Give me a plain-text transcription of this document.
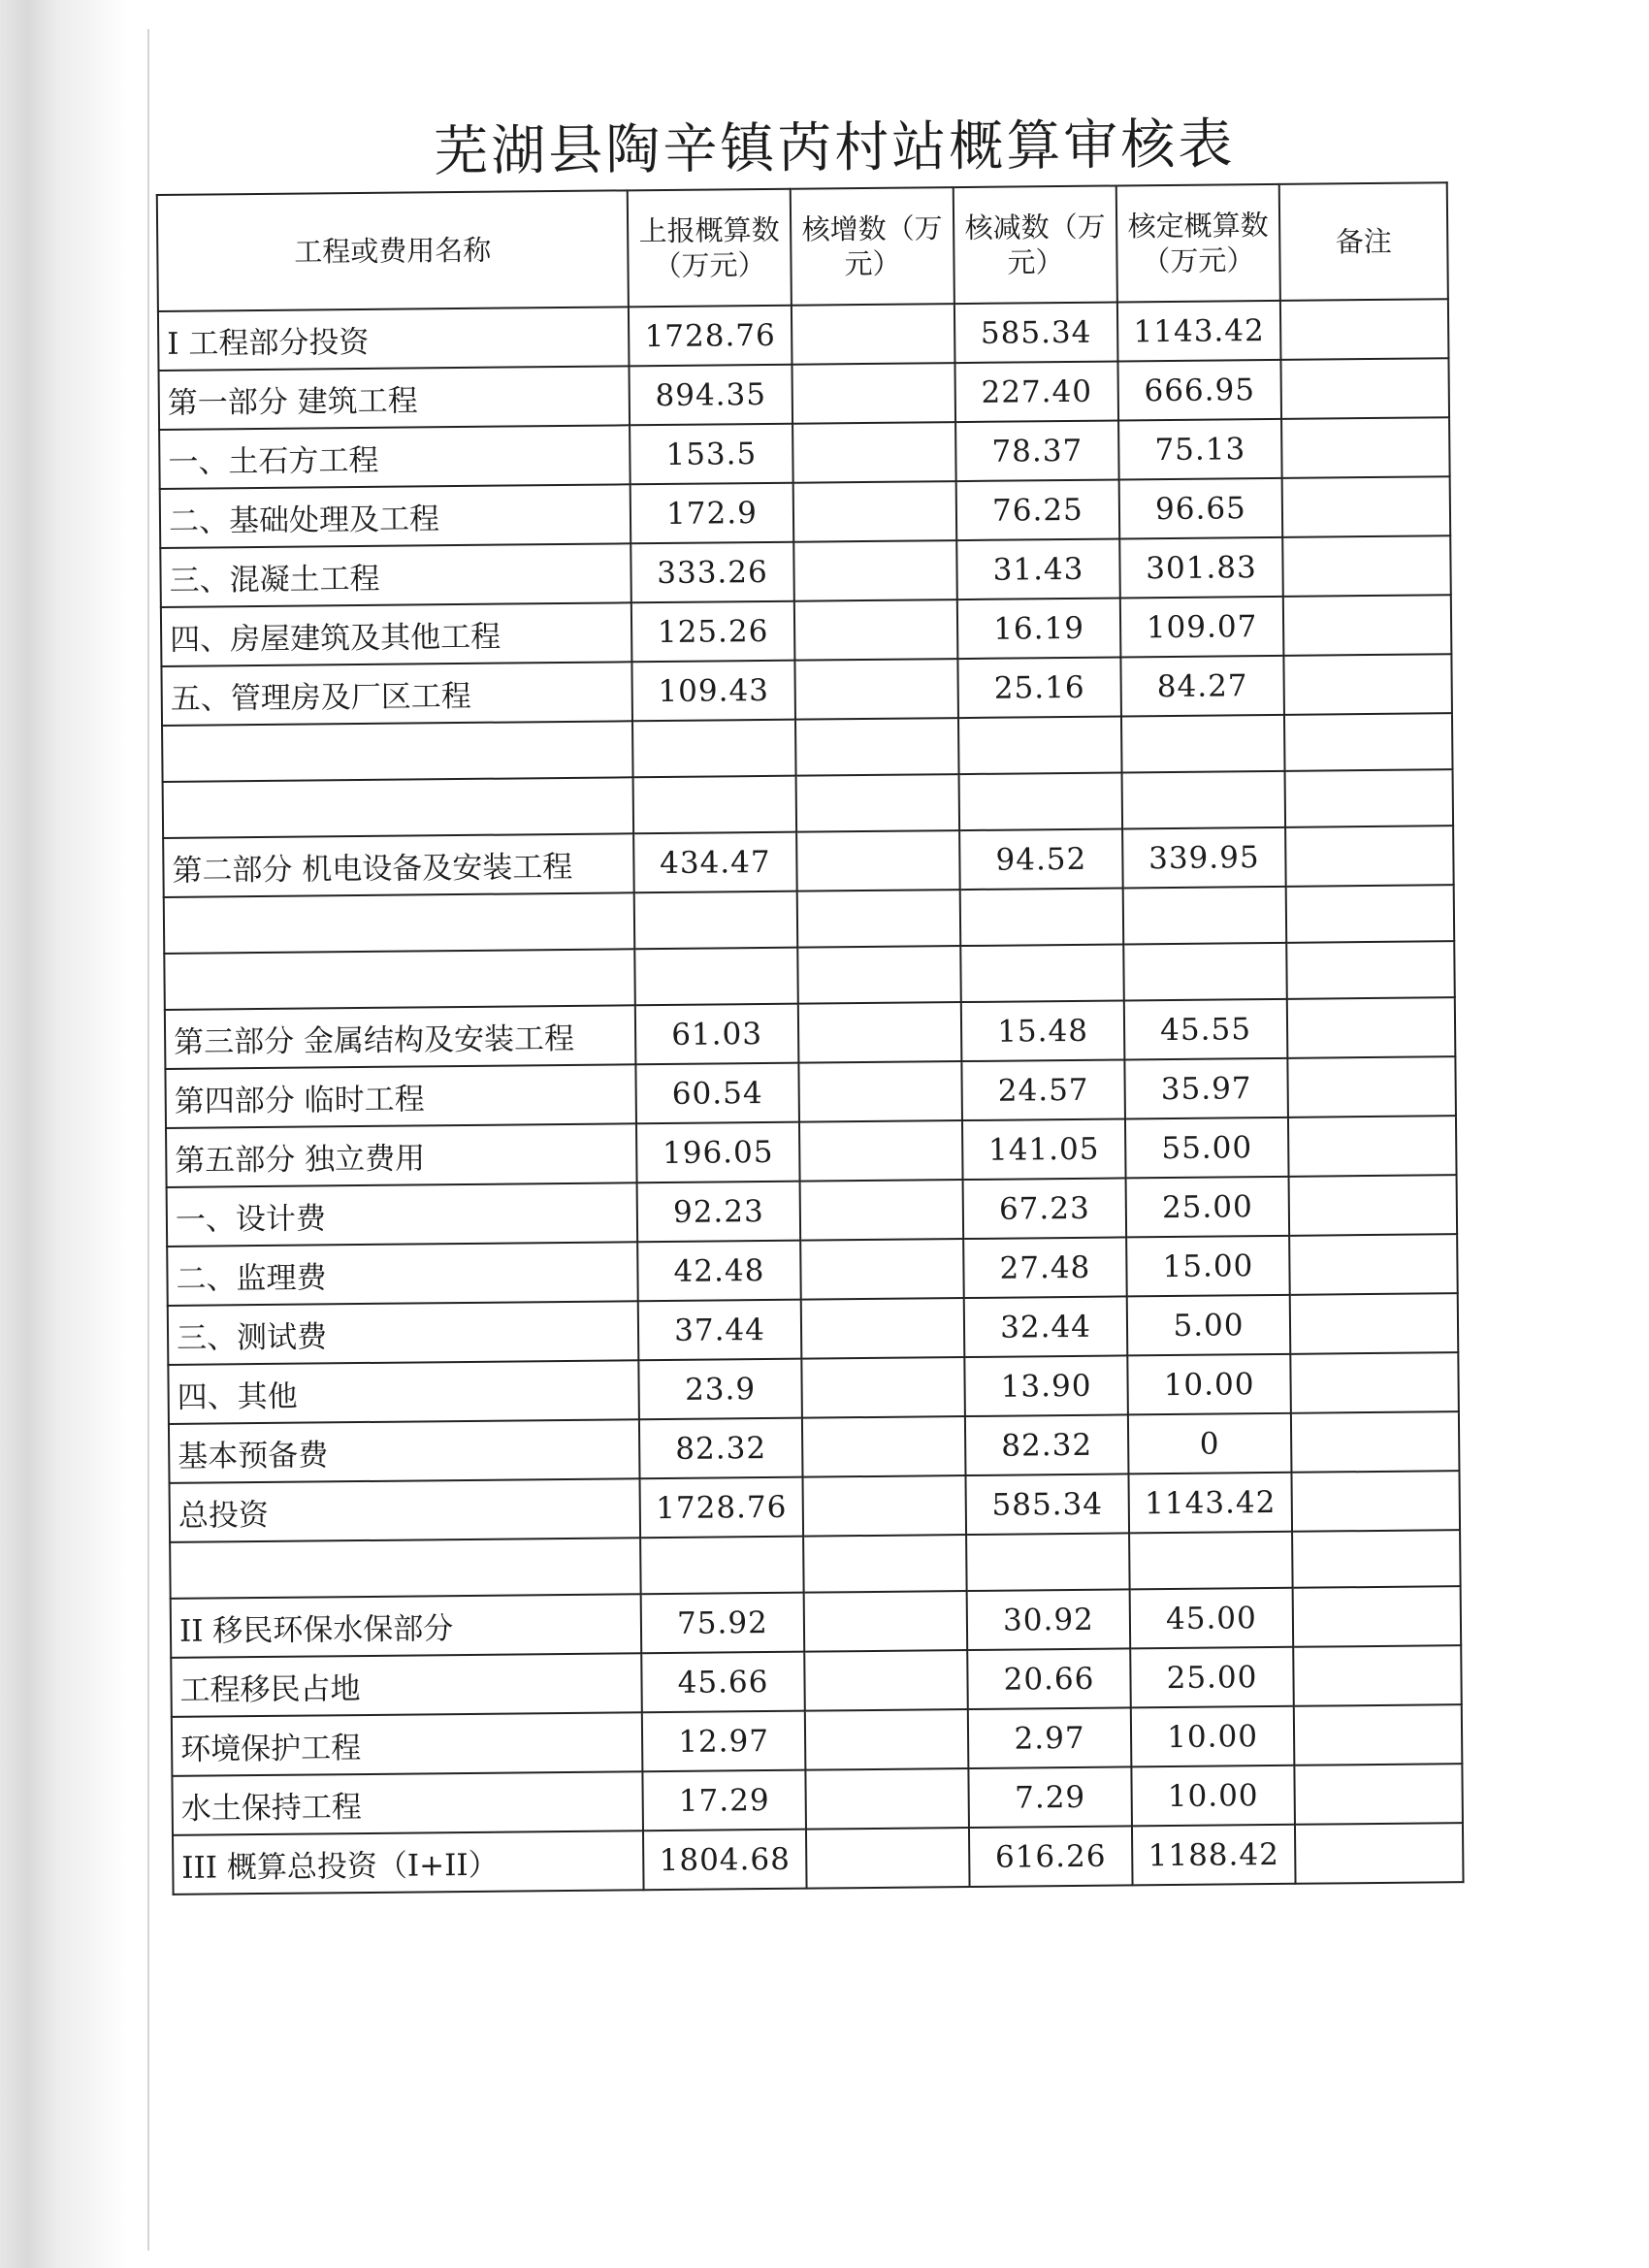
芜湖县陶辛镇芮村站概算审核表
工程或费用名称	上报概算数（万元）	核增数（万元）	核减数（万元）	核定概算数（万元）	备注
I 工程部分投资	1728.76		585.34	1143.42	
第一部分 建筑工程	894.35		227.40	666.95	
一、土石方工程	153.5		78.37	75.13	
二、基础处理及工程	172.9		76.25	96.65	
三、混凝土工程	333.26		31.43	301.83	
四、房屋建筑及其他工程	125.26		16.19	109.07	
五、管理房及厂区工程	109.43		25.16	84.27	

第二部分 机电设备及安装工程	434.47		94.52	339.95	

第三部分 金属结构及安装工程	61.03		15.48	45.55	
第四部分 临时工程	60.54		24.57	35.97	
第五部分 独立费用	196.05		141.05	55.00	
一、设计费	92.23		67.23	25.00	
二、监理费	42.48		27.48	15.00	
三、测试费	37.44		32.44	5.00	
四、其他	23.9		13.90	10.00	
基本预备费	82.32		82.32	0	
总投资	1728.76		585.34	1143.42	

II 移民环保水保部分	75.92		30.92	45.00	
工程移民占地	45.66		20.66	25.00	
环境保护工程	12.97		2.97	10.00	
水土保持工程	17.29		7.29	10.00	
III 概算总投资（I+II）	1804.68		616.26	1188.42	
